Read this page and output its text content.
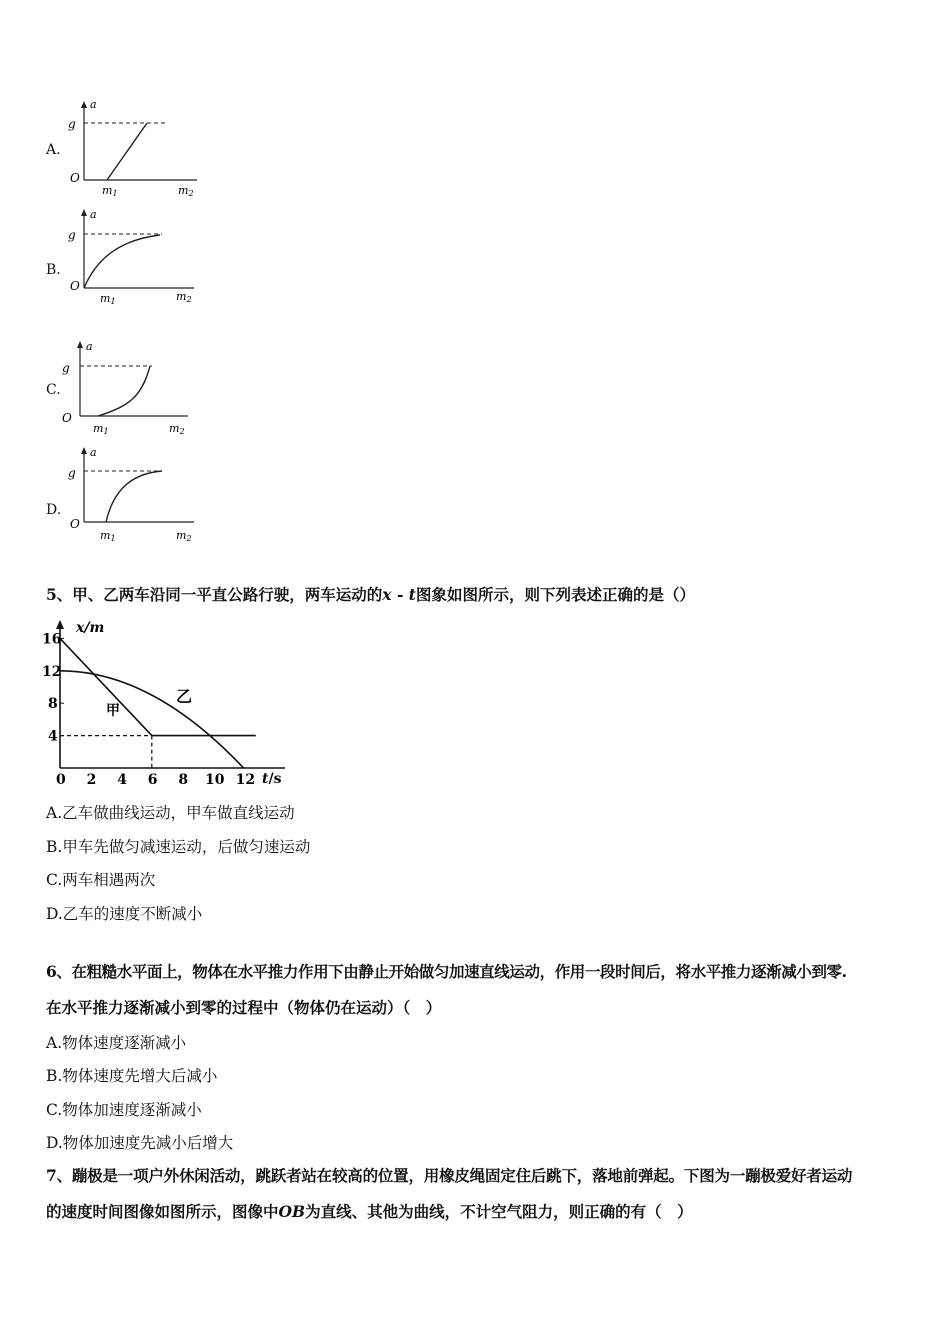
A.
a
g
O
m1	m2
B.
a
g
O
m1	m2
C.
a
g
O
m1	m2
D.
a
g
O
m1	m2
5、甲、乙两车沿同一平直公路行驶，两车运动的x - t图象如图所示，则下列表述正确的是（）
x/m
t/s
4
8
12
16
0 2 4 6 8 10 12
甲
乙
A.乙车做曲线运动，甲车做直线运动
B.甲车先做匀减速运动，后做匀速运动
C.两车相遇两次
D.乙车的速度不断减小
6、在粗糙水平面上，物体在水平推力作用下由静止开始做匀加速直线运动，作用一段时间后，将水平推力逐渐减小到零.
在水平推力逐渐减小到零的过程中（物体仍在运动）（　）
A.物体速度逐渐减小
B.物体速度先增大后减小
C.物体加速度逐渐减小
D.物体加速度先减小后增大
7、蹦极是一项户外休闲活动，跳跃者站在较高的位置，用橡皮绳固定住后跳下，落地前弹起。下图为一蹦极爱好者运动
的速度时间图像如图所示，图像中OB为直线、其他为曲线，不计空气阻力，则正确的有（　）
